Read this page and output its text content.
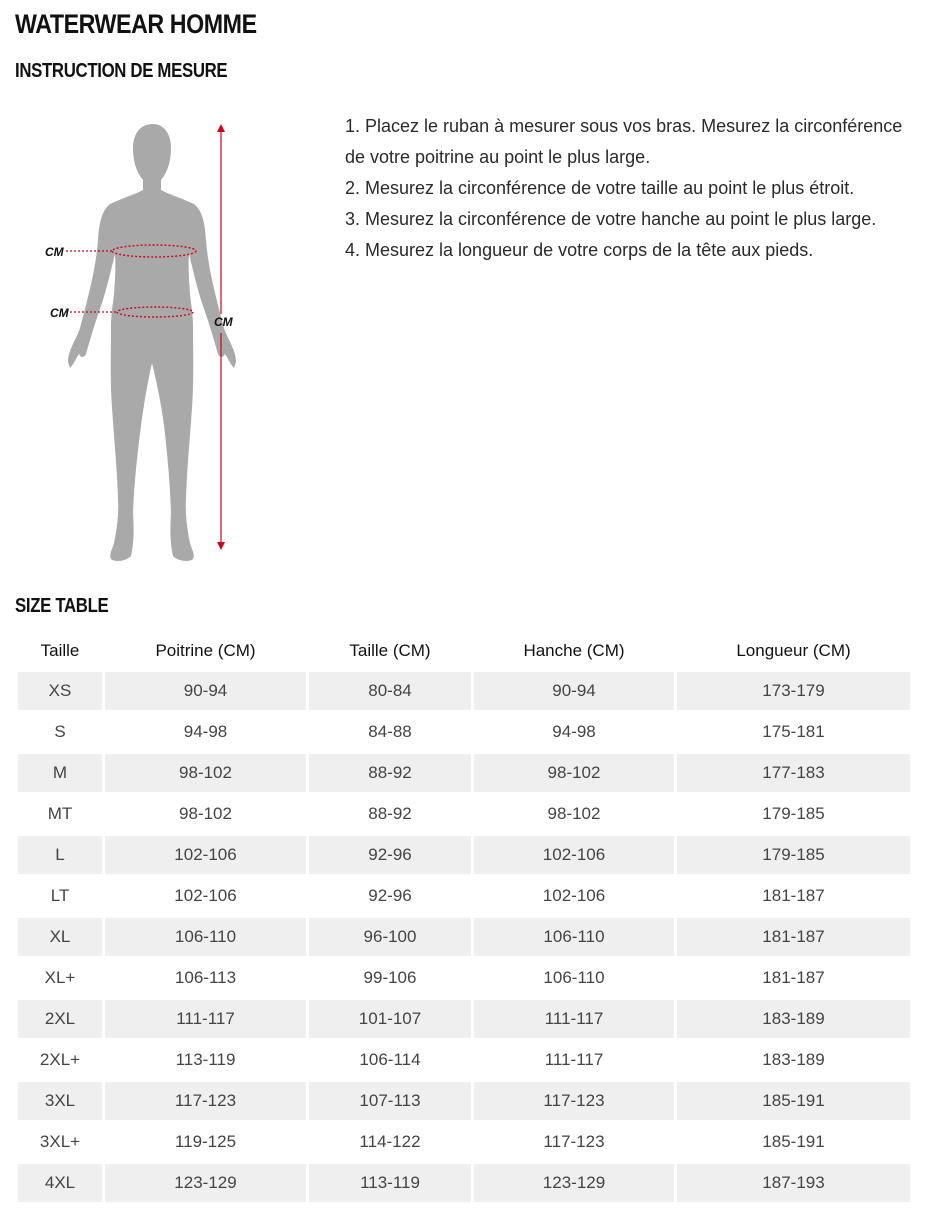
WATERWEAR HOMME
INSTRUCTION DE MESURE
CM
CM
CM
1. Placez le ruban à mesurer sous vos bras. Mesurez la circonférence de votre poitrine au point le plus large.
2. Mesurez la circonférence de votre taille au point le plus étroit.
3. Mesurez la circonférence de votre hanche au point le plus large.
4. Mesurez la longueur de votre corps de la tête aux pieds.
SIZE TABLE
Taille	Poitrine (CM)	Taille (CM)	Hanche (CM)	Longueur (CM)
XS	90-94	80-84	90-94	173-179
S	94-98	84-88	94-98	175-181
M	98-102	88-92	98-102	177-183
MT	98-102	88-92	98-102	179-185
L	102-106	92-96	102-106	179-185
LT	102-106	92-96	102-106	181-187
XL	106-110	96-100	106-110	181-187
XL+	106-113	99-106	106-110	181-187
2XL	111-117	101-107	111-117	183-189
2XL+	113-119	106-114	111-117	183-189
3XL	117-123	107-113	117-123	185-191
3XL+	119-125	114-122	117-123	185-191
4XL	123-129	113-119	123-129	187-193
